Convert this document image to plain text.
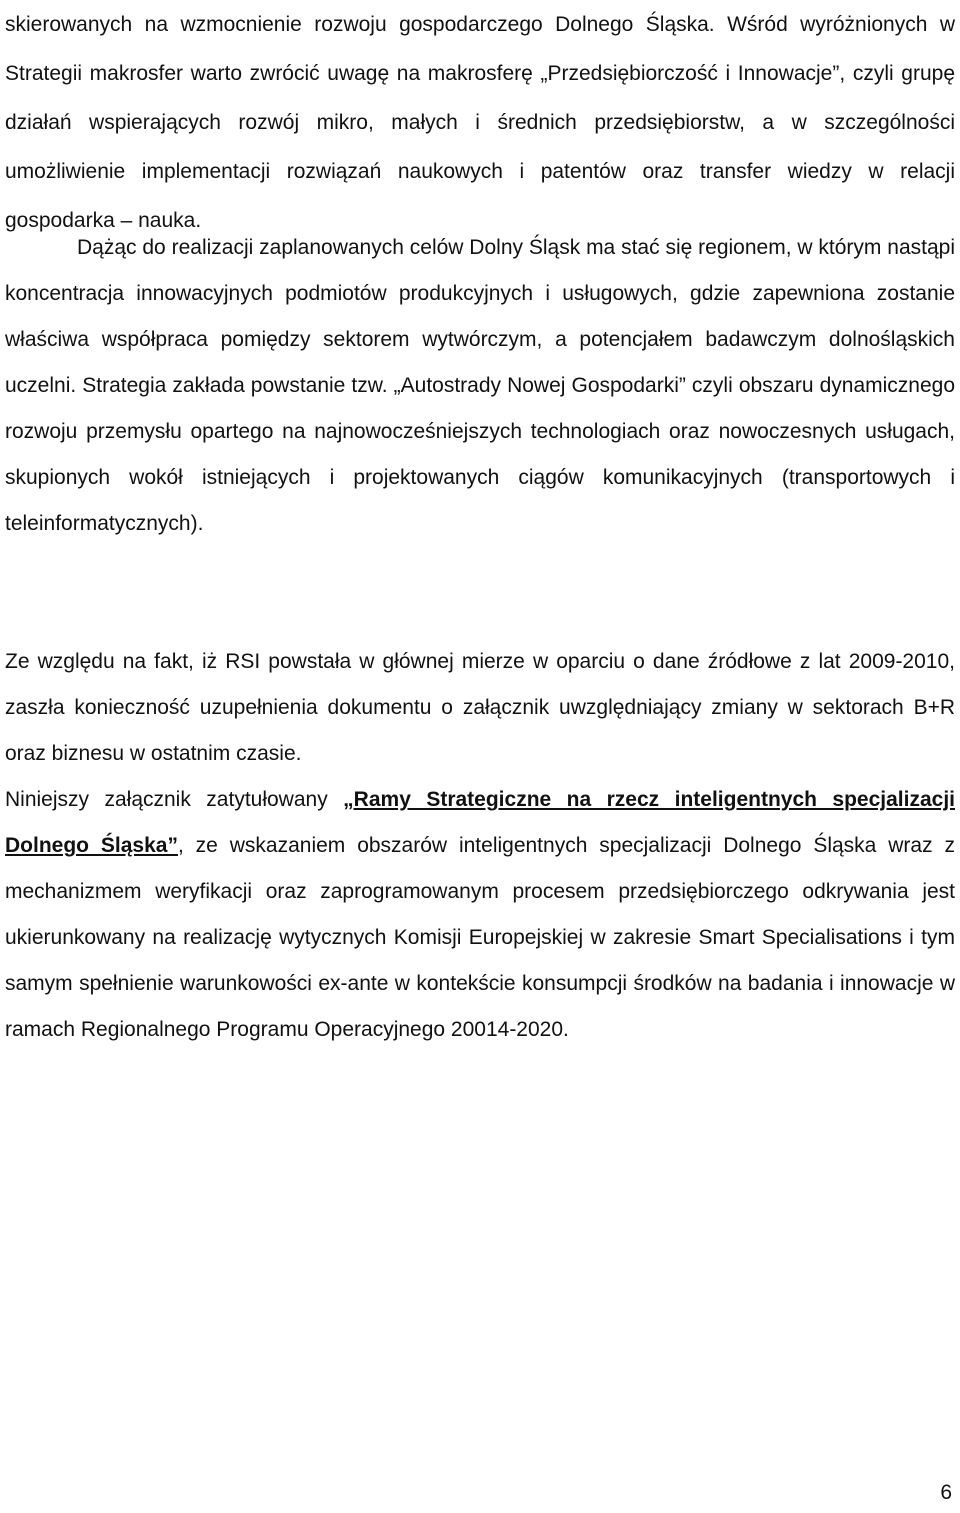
skierowanych na wzmocnienie rozwoju gospodarczego Dolnego Śląska. Wśród wyróżnionych w Strategii makrosfer warto zwrócić uwagę na makrosferę „Przedsiębiorczość i Innowacje”, czyli grupę działań wspierających rozwój mikro, małych i średnich przedsiębiorstw, a w szczególności umożliwienie implementacji rozwiązań naukowych i patentów oraz transfer wiedzy w relacji gospodarka – nauka.

Dążąc do realizacji zaplanowanych celów Dolny Śląsk ma stać się regionem, w którym nastąpi koncentracja innowacyjnych podmiotów produkcyjnych i usługowych, gdzie zapewniona zostanie właściwa współpraca pomiędzy sektorem wytwórczym, a potencjałem badawczym dolnośląskich uczelni. Strategia zakłada powstanie tzw. „Autostrady Nowej Gospodarki” czyli obszaru dynamicznego rozwoju przemysłu opartego na najnowocześniejszych technologiach oraz nowoczesnych usługach, skupionych wokół istniejących i projektowanych ciągów komunikacyjnych (transportowych i teleinformatycznych).

Ze względu na fakt, iż RSI powstała w głównej mierze w oparciu o dane źródłowe z lat 2009-2010, zaszła konieczność uzupełnienia dokumentu o załącznik uwzględniający zmiany w sektorach B+R oraz biznesu w ostatnim czasie.

Niniejszy załącznik zatytułowany „Ramy Strategiczne na rzecz inteligentnych specjalizacji Dolnego Śląska”, ze wskazaniem obszarów inteligentnych specjalizacji Dolnego Śląska wraz z mechanizmem weryfikacji oraz zaprogramowanym procesem przedsiębiorczego odkrywania jest ukierunkowany na realizację wytycznych Komisji Europejskiej w zakresie Smart Specialisations i tym samym spełnienie warunkowości ex-ante w kontekście konsumpcji środków na badania i innowacje w ramach Regionalnego Programu Operacyjnego 20014-2020.

6
